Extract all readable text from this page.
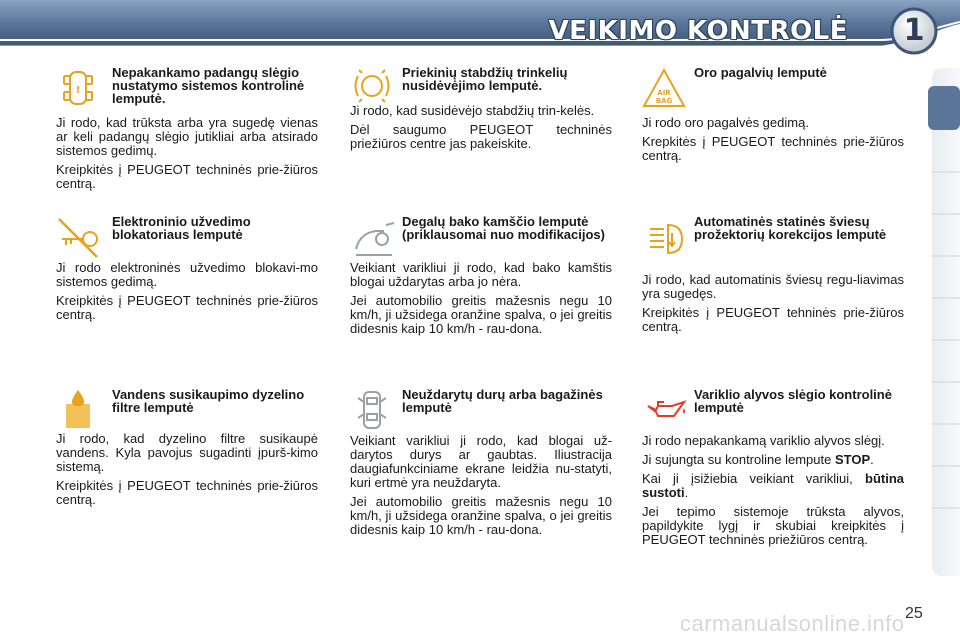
VEIKIMO KONTROLĖ	1
!
Nepakankamo padangų slėgio nustatymo sistemos kontrolinė lemputė.

Ji rodo, kad trūksta arba yra sugedę vienas ar keli padangų slėgio jutikliai arba atsirado sistemos gedimų.

Kreipkitės į PEUGEOT techninės prie-žiūros centrą.

Priekinių stabdžių trinkelių nusidėvėjimo lemputė.

Ji rodo, kad susidėvėjo stabdžių trin-kelės.

Dėl saugumo PEUGEOT techninės priežiūros centre jas pakeiskite.

AIR
BAG
Oro pagalvių lemputė

Ji rodo oro pagalvės gedimą.

Krepkitės į PEUGEOT techninės prie-žiūros centrą.

Elektroninio užvedimo blokatoriaus lemputė

Ji rodo elektroninės užvedimo blokavi-mo sistemos gedimą.

Kreipkitės į PEUGEOT techninės prie-žiūros centrą.

Degalų bako kamščio lemputė (priklausomai nuo modifikacijos)

Veikiant varikliui ji rodo, kad bako kamštis blogai uždarytas arba jo nėra.

Jei automobilio greitis mažesnis negu 10 km/h, ji užsidega oranžine spalva, o jei greitis didesnis kaip 10 km/h - rau-dona.

Automatinės statinės šviesų prožektorių korekcijos lemputė

Ji rodo, kad automatinis šviesų regu-liavimas yra sugedęs.

Kreipkitės į PEUGEOT tehninės prie-žiūros centrą.

Vandens susikaupimo dyzelino filtre lemputė

Ji rodo, kad dyzelino filtre susikaupė vandens. Kyla pavojus sugadinti įpurš-kimo sistemą.

Kreipkitės į PEUGEOT techninės prie-žiūros centrą.

Neuždarytų durų arba bagažinės lemputė

Veikiant varikliui ji rodo, kad blogai už-darytos durys ar gaubtas. Iliustracija daugiafunkciniame ekrane leidžia nu-statyti, kuri ertmė yra neuždaryta.

Jei automobilio greitis mažesnis negu 10 km/h, ji užsidega oranžine spalva, o jei greitis didesnis kaip 10 km/h - rau-dona.

Variklio alyvos slėgio kontrolinė lemputė

Ji rodo nepakankamą variklio alyvos slėgį.

Ji sujungta su kontroline lempute STOP.

Kai ji įsižiebia veikiant varikliui, būtina sustoti.

Jei tepimo sistemoje trūksta alyvos, papildykite lygį ir skubiai kreipkitės į PEUGEOT techninės priežiūros centrą.

carmanualsonline.info 25
